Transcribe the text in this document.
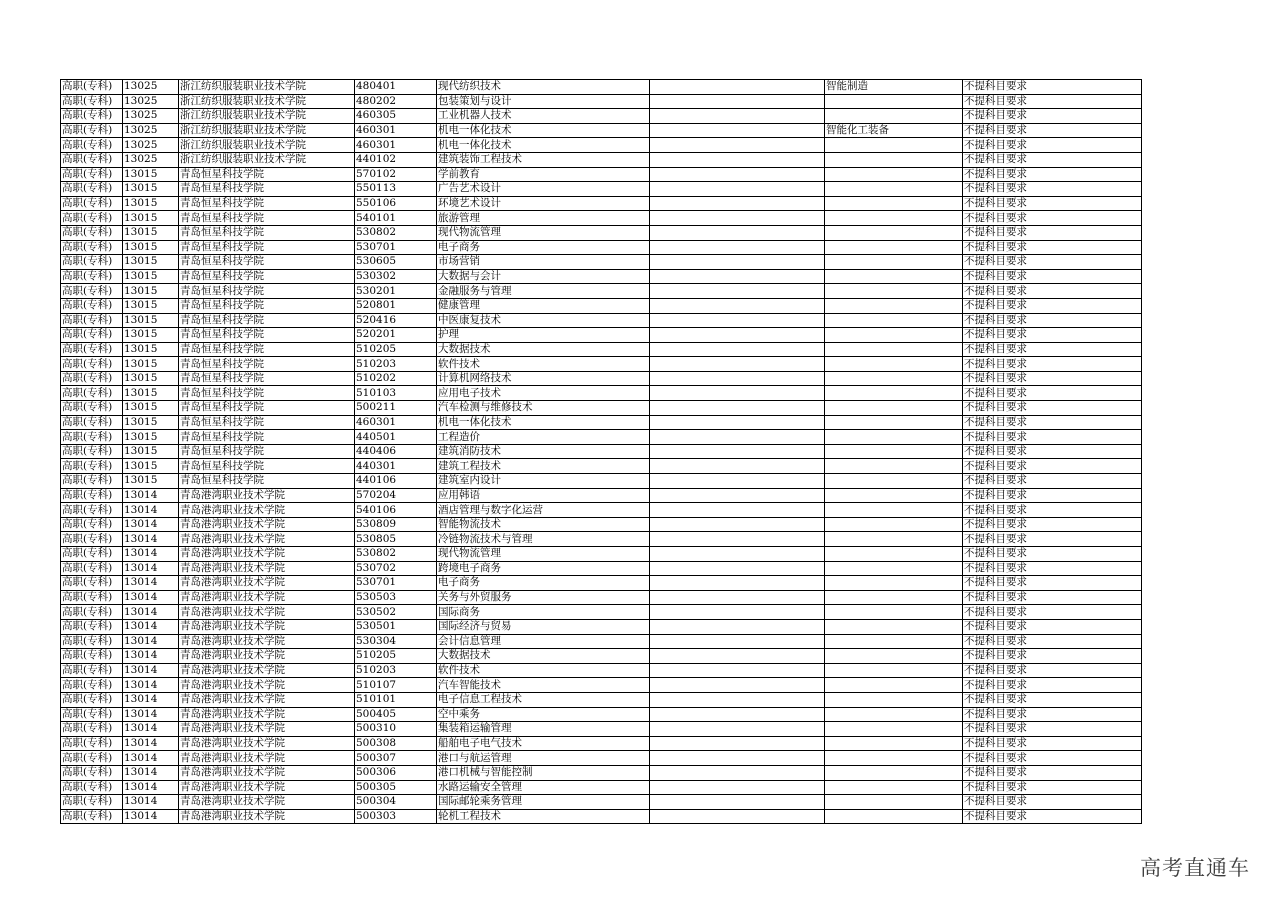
高职(专科)	13025	浙江纺织服装职业技术学院	480401	现代纺织技术		智能制造	不提科目要求
高职(专科)	13025	浙江纺织服装职业技术学院	480202	包装策划与设计			不提科目要求
高职(专科)	13025	浙江纺织服装职业技术学院	460305	工业机器人技术			不提科目要求
高职(专科)	13025	浙江纺织服装职业技术学院	460301	机电一体化技术		智能化工装备	不提科目要求
高职(专科)	13025	浙江纺织服装职业技术学院	460301	机电一体化技术			不提科目要求
高职(专科)	13025	浙江纺织服装职业技术学院	440102	建筑装饰工程技术			不提科目要求
高职(专科)	13015	青岛恒星科技学院	570102	学前教育			不提科目要求
高职(专科)	13015	青岛恒星科技学院	550113	广告艺术设计			不提科目要求
高职(专科)	13015	青岛恒星科技学院	550106	环境艺术设计			不提科目要求
高职(专科)	13015	青岛恒星科技学院	540101	旅游管理			不提科目要求
高职(专科)	13015	青岛恒星科技学院	530802	现代物流管理			不提科目要求
高职(专科)	13015	青岛恒星科技学院	530701	电子商务			不提科目要求
高职(专科)	13015	青岛恒星科技学院	530605	市场营销			不提科目要求
高职(专科)	13015	青岛恒星科技学院	530302	大数据与会计			不提科目要求
高职(专科)	13015	青岛恒星科技学院	530201	金融服务与管理			不提科目要求
高职(专科)	13015	青岛恒星科技学院	520801	健康管理			不提科目要求
高职(专科)	13015	青岛恒星科技学院	520416	中医康复技术			不提科目要求
高职(专科)	13015	青岛恒星科技学院	520201	护理			不提科目要求
高职(专科)	13015	青岛恒星科技学院	510205	大数据技术			不提科目要求
高职(专科)	13015	青岛恒星科技学院	510203	软件技术			不提科目要求
高职(专科)	13015	青岛恒星科技学院	510202	计算机网络技术			不提科目要求
高职(专科)	13015	青岛恒星科技学院	510103	应用电子技术			不提科目要求
高职(专科)	13015	青岛恒星科技学院	500211	汽车检测与维修技术			不提科目要求
高职(专科)	13015	青岛恒星科技学院	460301	机电一体化技术			不提科目要求
高职(专科)	13015	青岛恒星科技学院	440501	工程造价			不提科目要求
高职(专科)	13015	青岛恒星科技学院	440406	建筑消防技术			不提科目要求
高职(专科)	13015	青岛恒星科技学院	440301	建筑工程技术			不提科目要求
高职(专科)	13015	青岛恒星科技学院	440106	建筑室内设计			不提科目要求
高职(专科)	13014	青岛港湾职业技术学院	570204	应用韩语			不提科目要求
高职(专科)	13014	青岛港湾职业技术学院	540106	酒店管理与数字化运营			不提科目要求
高职(专科)	13014	青岛港湾职业技术学院	530809	智能物流技术			不提科目要求
高职(专科)	13014	青岛港湾职业技术学院	530805	冷链物流技术与管理			不提科目要求
高职(专科)	13014	青岛港湾职业技术学院	530802	现代物流管理			不提科目要求
高职(专科)	13014	青岛港湾职业技术学院	530702	跨境电子商务			不提科目要求
高职(专科)	13014	青岛港湾职业技术学院	530701	电子商务			不提科目要求
高职(专科)	13014	青岛港湾职业技术学院	530503	关务与外贸服务			不提科目要求
高职(专科)	13014	青岛港湾职业技术学院	530502	国际商务			不提科目要求
高职(专科)	13014	青岛港湾职业技术学院	530501	国际经济与贸易			不提科目要求
高职(专科)	13014	青岛港湾职业技术学院	530304	会计信息管理			不提科目要求
高职(专科)	13014	青岛港湾职业技术学院	510205	大数据技术			不提科目要求
高职(专科)	13014	青岛港湾职业技术学院	510203	软件技术			不提科目要求
高职(专科)	13014	青岛港湾职业技术学院	510107	汽车智能技术			不提科目要求
高职(专科)	13014	青岛港湾职业技术学院	510101	电子信息工程技术			不提科目要求
高职(专科)	13014	青岛港湾职业技术学院	500405	空中乘务			不提科目要求
高职(专科)	13014	青岛港湾职业技术学院	500310	集装箱运输管理			不提科目要求
高职(专科)	13014	青岛港湾职业技术学院	500308	船舶电子电气技术			不提科目要求
高职(专科)	13014	青岛港湾职业技术学院	500307	港口与航运管理			不提科目要求
高职(专科)	13014	青岛港湾职业技术学院	500306	港口机械与智能控制			不提科目要求
高职(专科)	13014	青岛港湾职业技术学院	500305	水路运输安全管理			不提科目要求
高职(专科)	13014	青岛港湾职业技术学院	500304	国际邮轮乘务管理			不提科目要求
高职(专科)	13014	青岛港湾职业技术学院	500303	轮机工程技术			不提科目要求
高考直通车
